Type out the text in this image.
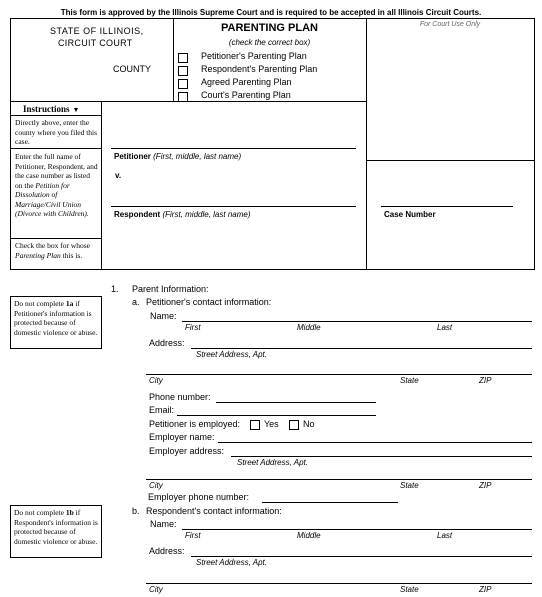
This form is approved by the Illinois Supreme Court and is required to be accepted in all Illinois Circuit Courts.
STATE OF ILLINOIS,
CIRCUIT COURT
COUNTY
PARENTING PLAN
(check the correct box)
Petitioner's Parenting Plan
Respondent's Parenting Plan
Agreed Parenting Plan
Court's Parenting Plan
For Court Use Only
Instructions ▼
Directly above, enter the county where you filed this case.
Enter the full name of Petitioner, Respondent, and the case number as listed on the Petition for Dissolution of Marriage/Civil Union (Divorce with Children).
Check the box for whose Parenting Plan this is.
Petitioner (First, middle, last name)
v.
Respondent (First, middle, last name)	Case Number
1. Parent Information:
a. Petitioner's contact information:
Do not complete 1a if Petitioner's information is protected because of domestic violence or abuse.
Name:
First	Middle	Last
Address:
Street Address, Apt.
City	State	ZIP
Phone number:
Email:
Petitioner is employed:	Yes	No
Employer name:
Employer address:
Street Address, Apt.
City	State	ZIP
Employer phone number:
b. Respondent's contact information:
Do not complete 1b if Respondent's information is protected because of domestic violence or abuse.
Name:
First	Middle	Last
Address:
Street Address, Apt.
City	State	ZIP
